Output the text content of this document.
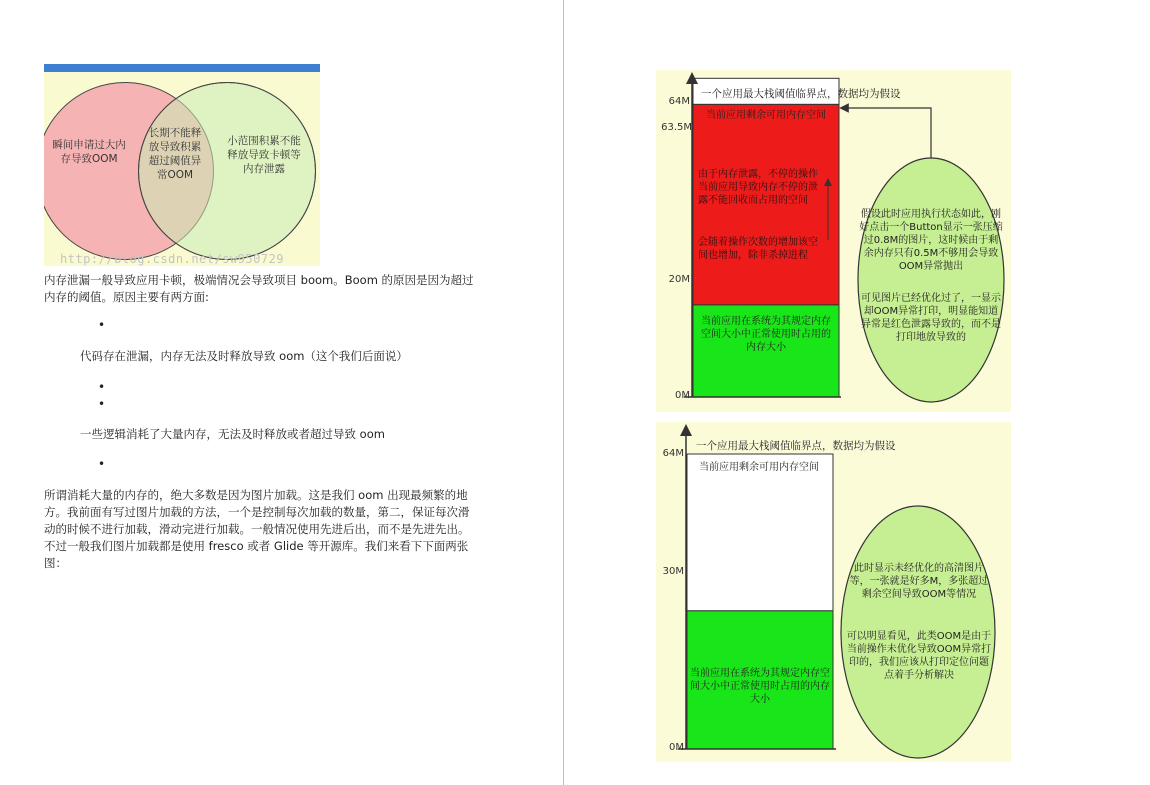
瞬间申请过大内存导致OOM
长期不能释放导致积累超过阈值异常OOM
小范围积累不能释放导致卡顿等内存泄露
http://blog.csdn.net/sw950729
内存泄漏一般导致应用卡顿，极端情况会导致项目 boom。Boom 的原因是因为超过内存的阈值。原因主要有两方面:
•
代码存在泄漏，内存无法及时释放导致 oom（这个我们后面说）
•
•
一些逻辑消耗了大量内存，无法及时释放或者超过导致 oom
•
所谓消耗大量的内存的，绝大多数是因为图片加载。这是我们 oom 出现最频繁的地方。我前面有写过图片加载的方法，一个是控制每次加载的数量，第二，保证每次滑动的时候不进行加载，滑动完进行加载。一般情况使用先进后出，而不是先进先出。不过一般我们图片加载都是使用 fresco 或者 Glide 等开源库。我们来看下下面两张图：
一个应用最大栈阈值临界点，数据均为假设
64M
63.5M
20M
0M
当前应用剩余可用内存空间
由于内存泄露，不停的操作当前应用导致内存不停的泄露不能回收而占用的空间
会随着操作次数的增加该空间也增加，除非杀掉进程
当前应用在系统为其规定内存空间大小中正常使用时占用的内存大小
假设此时应用执行状态如此，刚好点击一个Button显示一张压缩过0.8M的图片，这时候由于剩余内存只有0.5M不够用会导致OOM异常抛出
可见图片已经优化过了，一显示却OOM异常打印，明显能知道异常是红色泄露导致的，而不是打印地放导致的
一个应用最大栈阈值临界点，数据均为假设
64M
30M
0M
当前应用剩余可用内存空间
当前应用在系统为其规定内存空间大小中正常使用时占用的内存大小
此时显示未经优化的高清图片等，一张就是好多M，多张超过剩余空间导致OOM等情况
可以明显看见，此类OOM是由于当前操作未优化导致OOM异常打印的，我们应该从打印定位问题点着手分析解决
